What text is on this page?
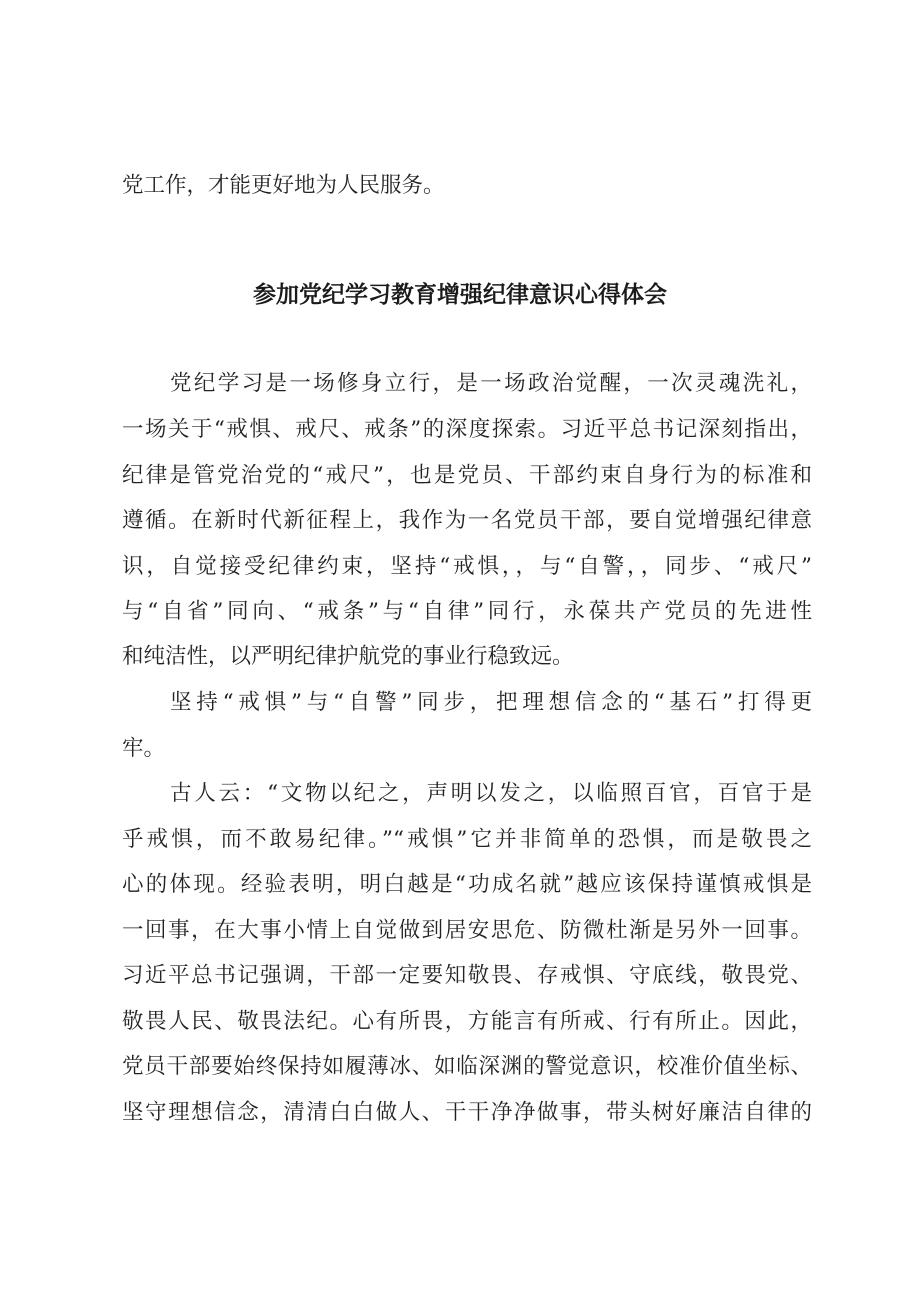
党工作，才能更好地为人民服务。
参加党纪学习教育增强纪律意识心得体会
党纪学习是一场修身立行，是一场政治觉醒，一次灵魂洗礼，
一场关于“戒惧、戒尺、戒条”的深度探索。习近平总书记深刻指出，
纪律是管党治党的“戒尺”，也是党员、干部约束自身行为的标准和
遵循。在新时代新征程上，我作为一名党员干部，要自觉增强纪律意
识，自觉接受纪律约束，坚持“戒惧，，与“自警，，同步、“戒尺”
与“自省”同向、“戒条”与“自律”同行，永葆共产党员的先进性
和纯洁性，以严明纪律护航党的事业行稳致远。
坚持“戒惧”与“自警”同步，把理想信念的“基石”打得更
牢。
古人云：“文物以纪之，声明以发之，以临照百官，百官于是
乎戒惧，而不敢易纪律。”“戒惧”它并非简单的恐惧，而是敬畏之
心的体现。经验表明，明白越是“功成名就”越应该保持谨慎戒惧是
一回事，在大事小情上自觉做到居安思危、防微杜渐是另外一回事。
习近平总书记强调，干部一定要知敬畏、存戒惧、守底线，敬畏党、
敬畏人民、敬畏法纪。心有所畏，方能言有所戒、行有所止。因此，
党员干部要始终保持如履薄冰、如临深渊的警觉意识，校准价值坐标、
坚守理想信念，清清白白做人、干干净净做事，带头树好廉洁自律的
